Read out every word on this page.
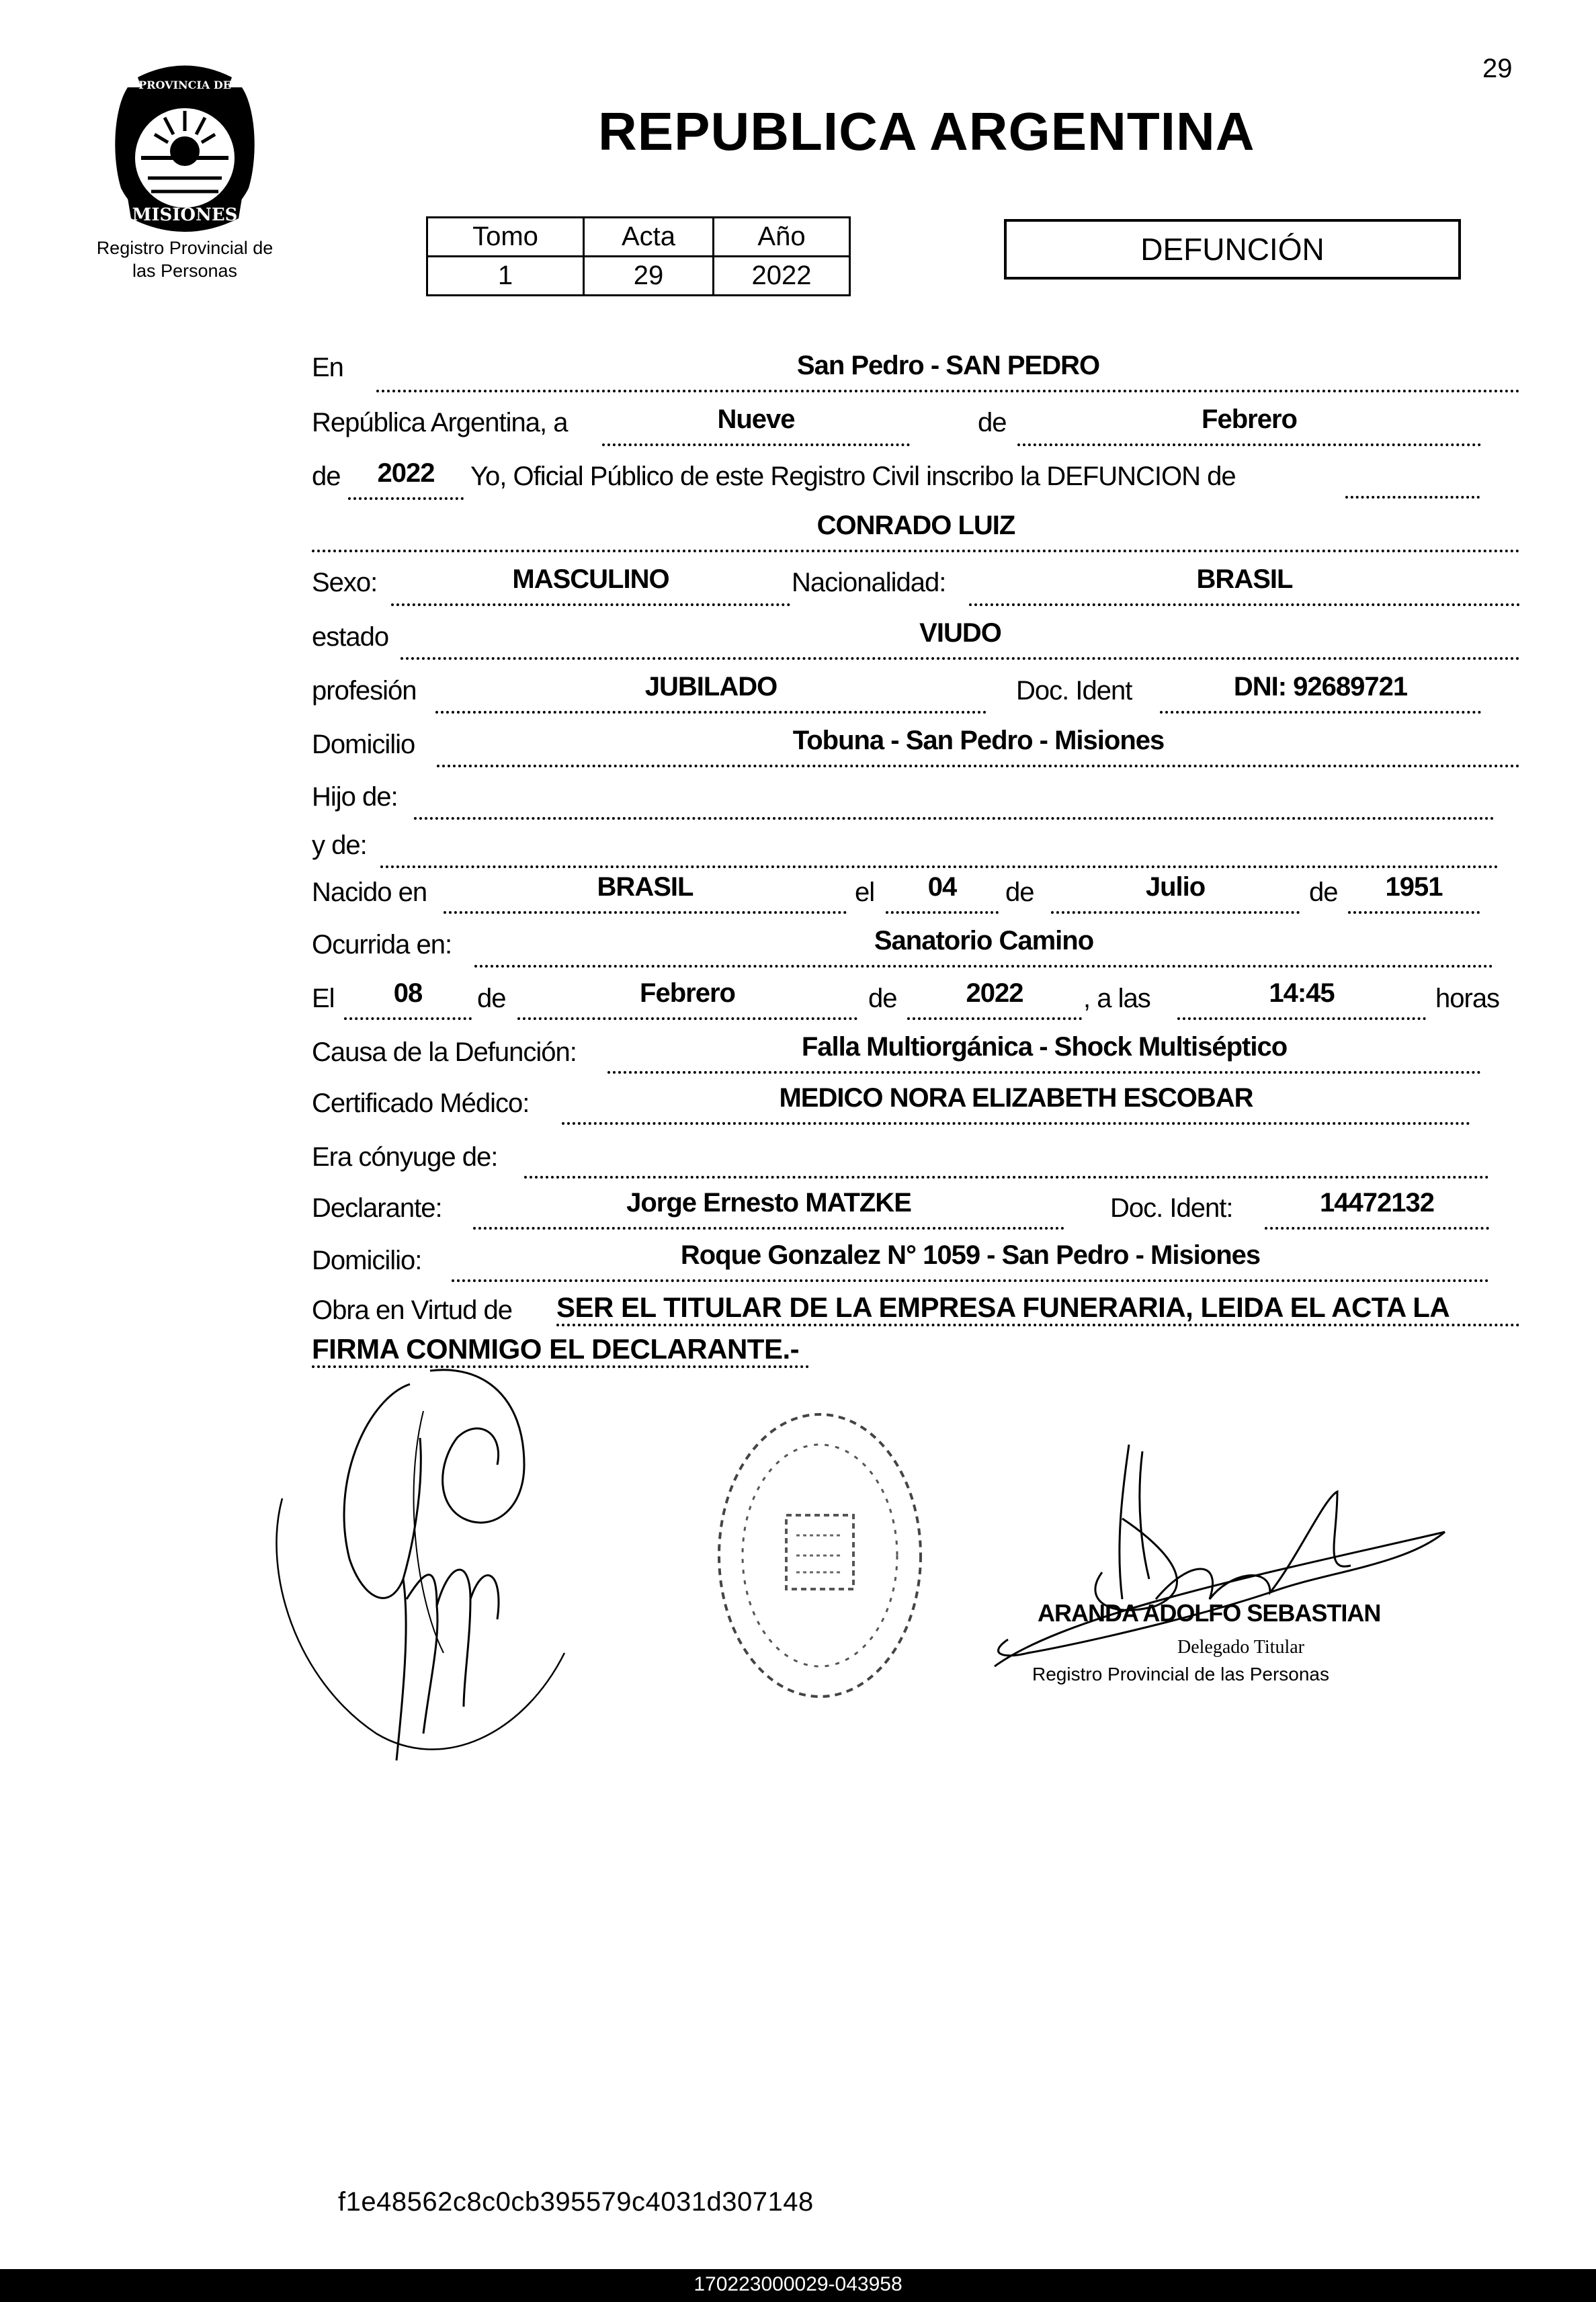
29
PROVINCIA DE
MISIONES
Registro Provincial de
las Personas
REPUBLICA ARGENTINA
Tomo	Acta	Año
1	29	2022
DEFUNCIÓN
En	San Pedro - SAN PEDRO
República Argentina, a	Nueve	de	Febrero
de	2022	Yo, Oficial Público de este Registro Civil inscribo la DEFUNCION de
CONRADO LUIZ
Sexo:	MASCULINO	Nacionalidad:	BRASIL
estado	VIUDO
profesión	JUBILADO	Doc. Ident	DNI: 92689721
Domicilio	Tobuna - San Pedro - Misiones
Hijo de:
y de:
Nacido en	BRASIL	el	04	de	Julio	de	1951
Ocurrida en:	Sanatorio Camino
El	08	de	Febrero	de	2022	, a las	14:45	horas
Causa de la Defunción:	Falla Multiorgánica - Shock Multiséptico
Certificado Médico:	MEDICO NORA ELIZABETH ESCOBAR
Era cónyuge de:
Declarante:	Jorge Ernesto MATZKE	Doc. Ident:	14472132
Domicilio:	Roque Gonzalez N° 1059 - San Pedro - Misiones
Obra en Virtud de SER EL TITULAR DE LA EMPRESA FUNERARIA, LEIDA EL ACTA LA
FIRMA CONMIGO EL DECLARANTE.-
ARANDA ADOLFO SEBASTIAN
Delegado Titular
Registro Provincial de las Personas
f1e48562c8c0cb395579c4031d307148
170223000029-043958
